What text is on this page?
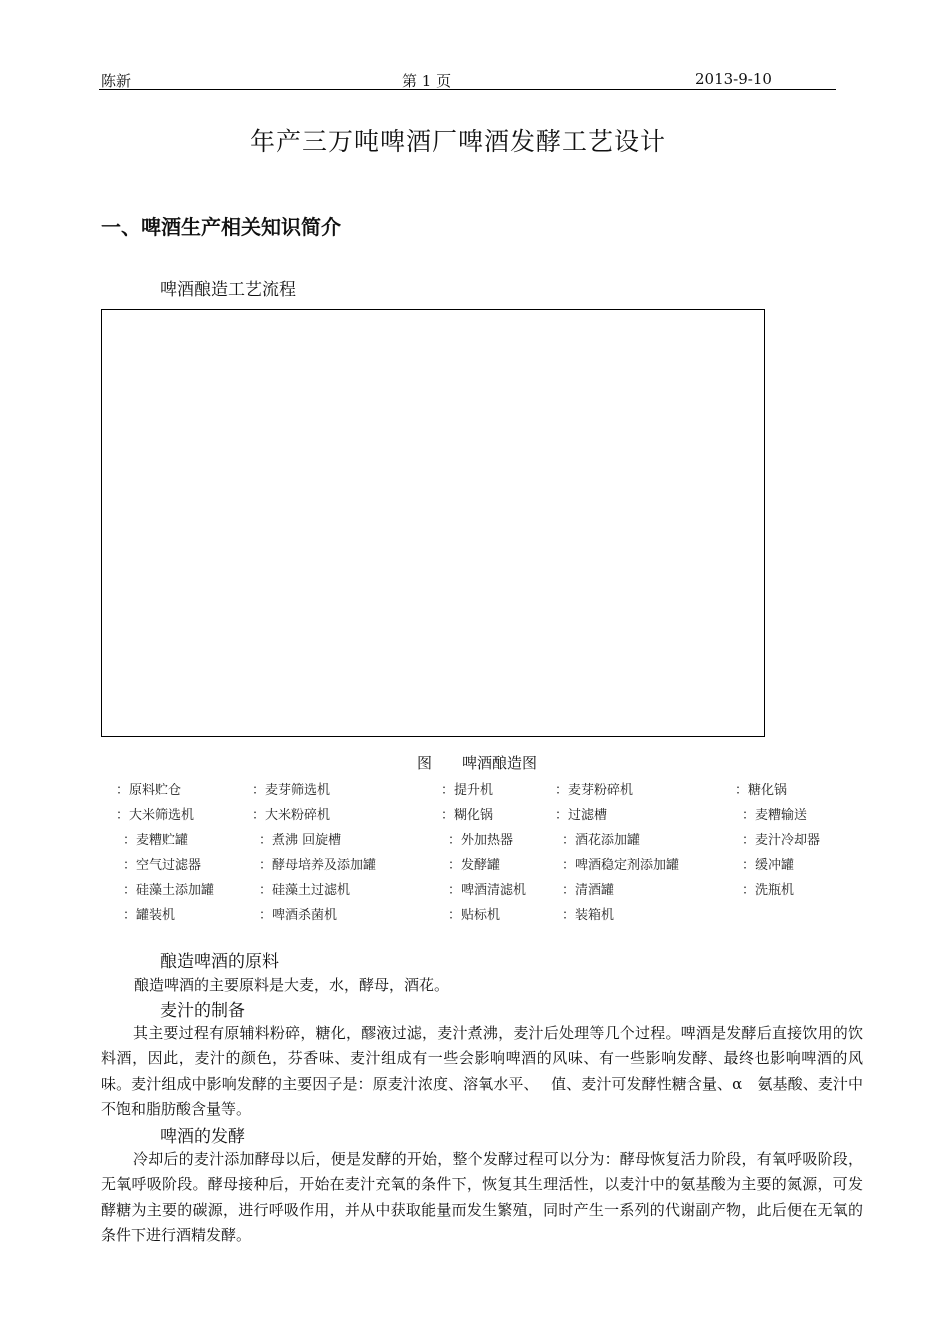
陈新	第 1 页	2013-9-10
年产三万吨啤酒厂啤酒发酵工艺设计
一、啤酒生产相关知识简介
啤酒酿造工艺流程
图 啤酒酿造图
：原料贮仓	：麦芽筛选机	：提升机	：麦芽粉碎机	：糖化锅
：大米筛选机	：大米粉碎机	：糊化锅	：过滤槽	：麦糟输送
：麦糟贮罐	：煮沸 回旋槽	：外加热器	：酒花添加罐	：麦汁冷却器
：空气过滤器	：酵母培养及添加罐	：发酵罐	：啤酒稳定剂添加罐	：缓冲罐
：硅藻土添加罐	：硅藻土过滤机	：啤酒清滤机	：清酒罐	：洗瓶机
：罐装机	：啤酒杀菌机	：贴标机	：装箱机
酿造啤酒的原料
酿造啤酒的主要原料是大麦，水，酵母，酒花。
麦汁的制备
其主要过程有原辅料粉碎，糖化，醪液过滤，麦汁煮沸，麦汁后处理等几个过程。啤酒是发酵后直接饮用的饮料酒，因此，麦汁的颜色，芬香味、麦汁组成有一些会影响啤酒的风味、有一些影响发酵、最终也影响啤酒的风味。麦汁组成中影响发酵的主要因子是：原麦汁浓度、溶氧水平、　 值、麦汁可发酵性糖含量、α　氨基酸、麦汁中不饱和脂肪酸含量等。
啤酒的发酵
冷却后的麦汁添加酵母以后，便是发酵的开始，整个发酵过程可以分为：酵母恢复活力阶段，有氧呼吸阶段，无氧呼吸阶段。酵母接种后，开始在麦汁充氧的条件下，恢复其生理活性，以麦汁中的氨基酸为主要的氮源，可发酵糖为主要的碳源，进行呼吸作用，并从中获取能量而发生繁殖，同时产生一系列的代谢副产物，此后便在无氧的条件下进行酒精发酵。
